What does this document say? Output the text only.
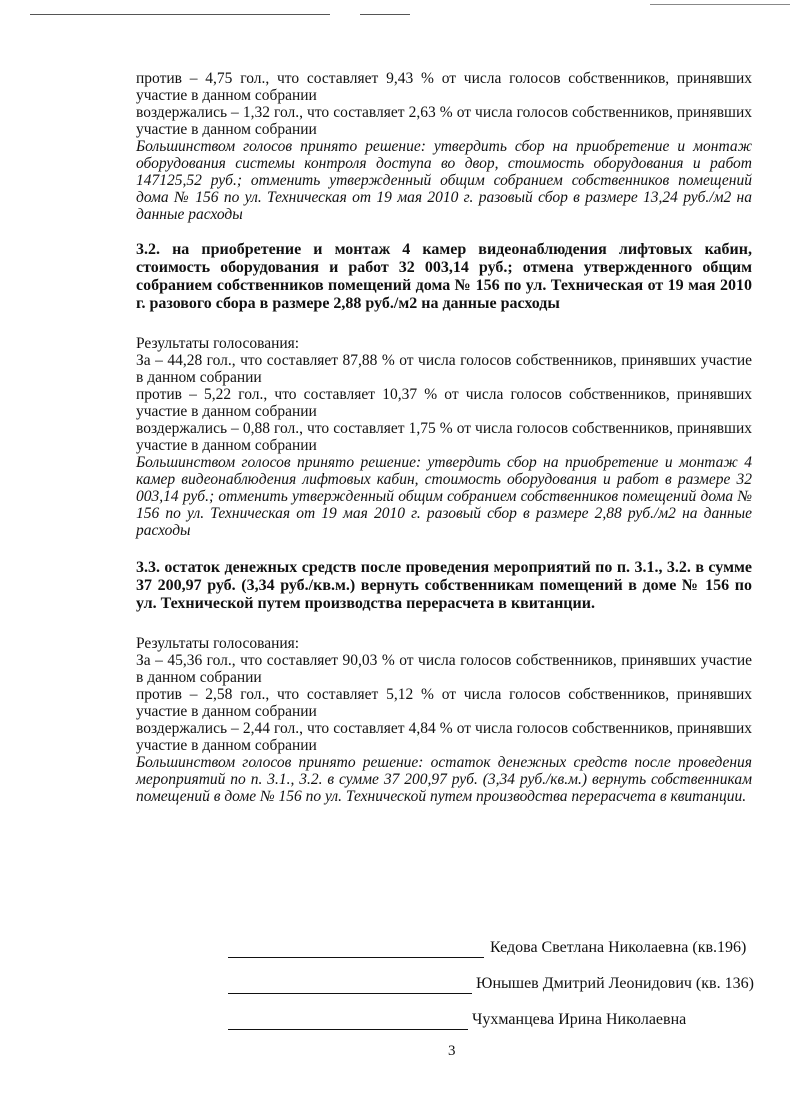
против – 4,75 гол., что составляет 9,43 % от числа голосов собственников, принявших участие в данном собрании

воздержались – 1,32 гол., что составляет 2,63 % от числа голосов собственников, принявших участие в данном собрании

Большинством голосов принято решение: утвердить сбор на приобретение и монтаж оборудования системы контроля доступа во двор, стоимость оборудования и работ 147125,52 руб.; отменить утвержденный общим собранием собственников помещений дома № 156 по ул. Техническая от 19 мая 2010 г. разовый сбор в размере 13,24 руб./м2 на данные расходы

3.2. на приобретение и монтаж 4 камер видеонаблюдения лифтовых кабин, стоимость оборудования и работ 32 003,14 руб.; отмена утвержденного общим собранием собственников помещений дома № 156 по ул. Техническая от 19 мая 2010 г. разового сбора в размере 2,88 руб./м2 на данные расходы

Результаты голосования:

За – 44,28 гол., что составляет 87,88 % от числа голосов собственников, принявших участие в данном собрании

против – 5,22 гол., что составляет 10,37 % от числа голосов собственников, принявших участие в данном собрании

воздержались – 0,88 гол., что составляет 1,75 % от числа голосов собственников, принявших участие в данном собрании

Большинством голосов принято решение: утвердить сбор на приобретение и монтаж 4 камер видеонаблюдения лифтовых кабин, стоимость оборудования и работ в размере 32 003,14 руб.; отменить утвержденный общим собранием собственников помещений дома № 156 по ул. Техническая от 19 мая 2010 г. разовый сбор в размере 2,88 руб./м2 на данные расходы

3.3. остаток денежных средств после проведения мероприятий по п. 3.1., 3.2. в сумме 37 200,97 руб. (3,34 руб./кв.м.) вернуть собственникам помещений в доме № 156 по ул. Технической путем производства перерасчета в квитанции.

Результаты голосования:

За – 45,36 гол., что составляет 90,03 % от числа голосов собственников, принявших участие в данном собрании

против – 2,58 гол., что составляет 5,12 % от числа голосов собственников, принявших участие в данном собрании

воздержались – 2,44 гол., что составляет 4,84 % от числа голосов собственников, принявших участие в данном собрании

Большинством голосов принято решение: остаток денежных средств после проведения мероприятий по п. 3.1., 3.2. в сумме 37 200,97 руб. (3,34 руб./кв.м.) вернуть собственникам помещений в доме № 156 по ул. Технической путем производства перерасчета в квитанции.

Кедова Светлана Николаевна (кв.196)
Юнышев Дмитрий Леонидович (кв. 136)
Чухманцева Ирина Николаевна
3
